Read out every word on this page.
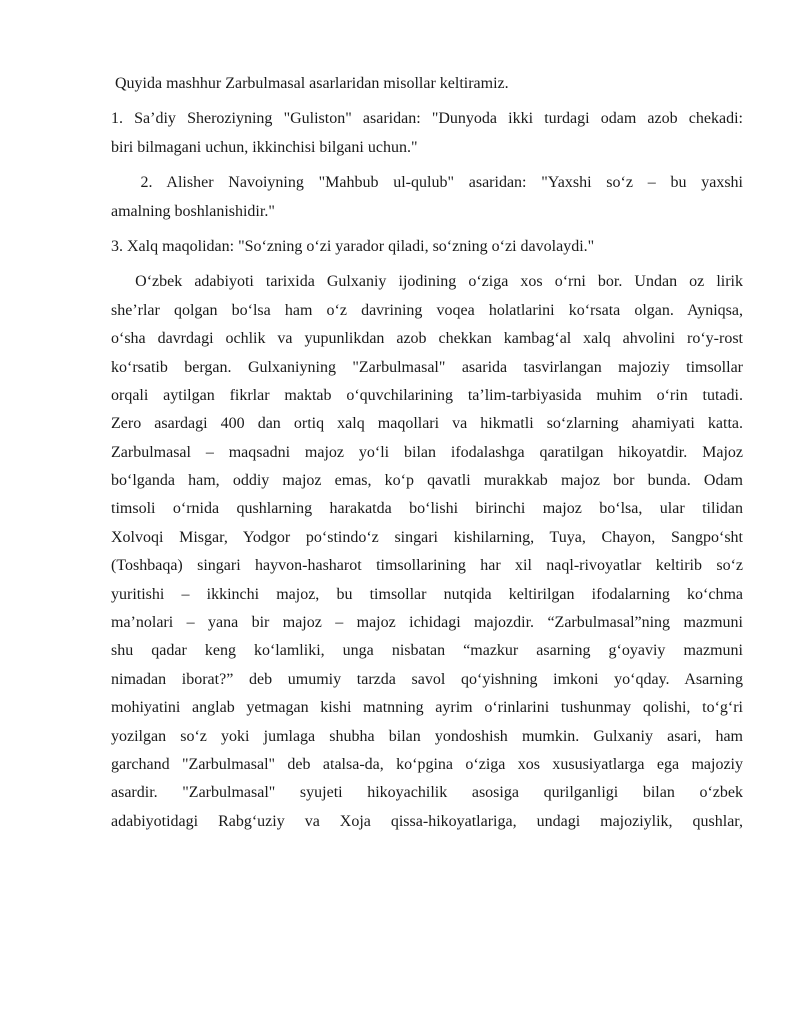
Quyida mashhur Zarbulmasal asarlaridan misollar keltiramiz.
1. Sa’diy Sheroziyning "Guliston" asaridan: "Dunyoda ikki turdagi odam azob chekadi:
biri bilmagani uchun, ikkinchisi bilgani uchun."
2. Alisher Navoiyning "Mahbub ul-qulub" asaridan: "Yaxshi so‘z – bu yaxshi
amalning boshlanishidir."
3. Xalq maqolidan: "So‘zning o‘zi yarador qiladi, so‘zning o‘zi davolaydi."
O‘zbek adabiyoti tarixida Gulxaniy ijodining o‘ziga xos o‘rni bor. Undan oz lirik
she’rlar qolgan bo‘lsa ham o‘z davrining voqea holatlarini ko‘rsata olgan. Ayniqsa,
o‘sha davrdagi ochlik va yupunlikdan azob chekkan kambag‘al xalq ahvolini ro‘y-rost
ko‘rsatib bergan. Gulxaniyning "Zarbulmasal" asarida tasvirlangan majoziy timsollar
orqali aytilgan fikrlar maktab o‘quvchilarining ta’lim-tarbiyasida muhim o‘rin tutadi.
Zero asardagi 400 dan ortiq xalq maqollari va hikmatli so‘zlarning ahamiyati katta.
Zarbulmasal – maqsadni majoz yo‘li bilan ifodalashga qaratilgan hikoyatdir. Majoz
bo‘lganda ham, oddiy majoz emas, ko‘p qavatli murakkab majoz bor bunda. Odam
timsoli o‘rnida qushlarning harakatda bo‘lishi birinchi majoz bo‘lsa, ular tilidan
Xolvoqi Misgar, Yodgor po‘stindo‘z singari kishilarning, Tuya, Chayon, Sangpo‘sht
(Toshbaqa) singari hayvon-hasharot timsollarining har xil naql-rivoyatlar keltirib so‘z
yuritishi – ikkinchi majoz, bu timsollar nutqida keltirilgan ifodalarning ko‘chma
ma’nolari – yana bir majoz – majoz ichidagi majozdir. “Zarbulmasal”ning mazmuni
shu qadar keng ko‘lamliki, unga nisbatan “mazkur asarning g‘oyaviy mazmuni
nimadan iborat?” deb umumiy tarzda savol qo‘yishning imkoni yo‘qday. Asarning
mohiyatini anglab yetmagan kishi matnning ayrim o‘rinlarini tushunmay qolishi, to‘g‘ri
yozilgan so‘z yoki jumlaga shubha bilan yondoshish mumkin. Gulxaniy asari, ham
garchand "Zarbulmasal" deb atalsa-da, ko‘pgina o‘ziga xos xususiyatlarga ega majoziy
asardir. "Zarbulmasal" syujeti hikoyachilik asosiga qurilganligi bilan o‘zbek
adabiyotidagi Rabg‘uziy va Xoja qissa-hikoyatlariga, undagi majoziylik, qushlar,
